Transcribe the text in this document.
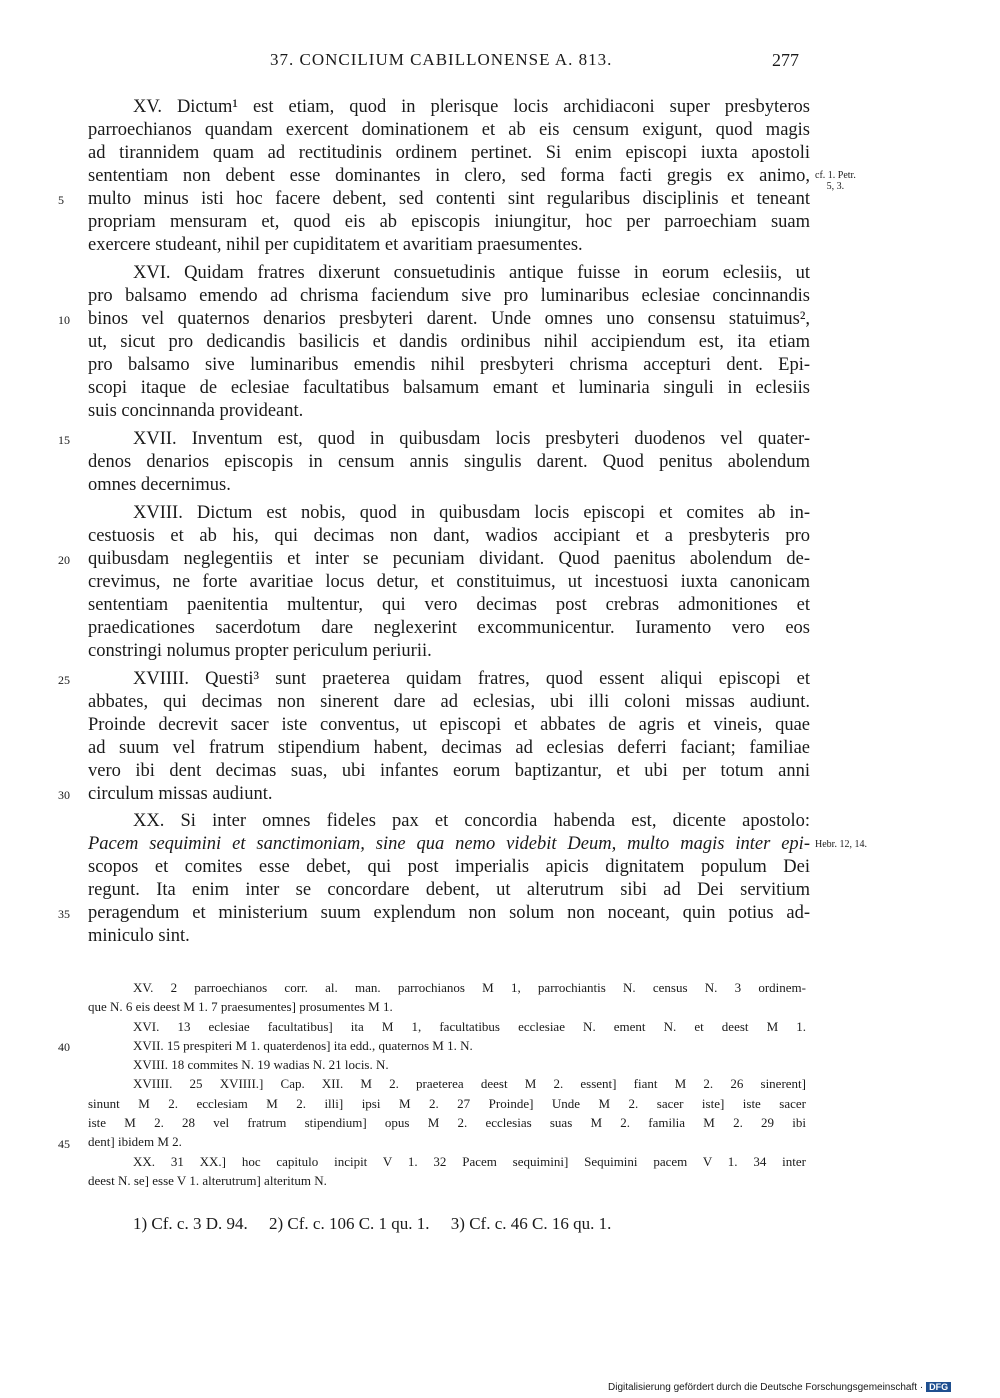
37. CONCILIUM CABILLONENSE A. 813.	277
XV. Dictum¹ est etiam, quod in plerisque locis archidiaconi super presbyteros
parroechianos quandam exercent dominationem et ab eis censum exigunt, quod magis
ad tirannidem quam ad rectitudinis ordinem pertinet. Si enim episcopi iuxta apostoli
sententiam non debent esse dominantes in clero, sed forma facti gregis ex animo,
multo minus isti hoc facere debent, sed contenti sint regularibus disciplinis et teneant
propriam mensuram et, quod eis ab episcopis iniungitur, hoc per parroechiam suam
exercere studeant, nihil per cupiditatem et avaritiam praesumentes.
XVI. Quidam fratres dixerunt consuetudinis antique fuisse in eorum eclesiis, ut
pro balsamo emendo ad chrisma faciendum sive pro luminaribus eclesiae concinnandis
binos vel quaternos denarios presbyteri darent. Unde omnes uno consensu statuimus²,
ut, sicut pro dedicandis basilicis et dandis ordinibus nihil accipiendum est, ita etiam
pro balsamo sive luminaribus emendis nihil presbyteri chrisma accepturi dent. Epi-
scopi itaque de eclesiae facultatibus balsamum emant et luminaria singuli in eclesiis
suis concinnanda provideant.
XVII. Inventum est, quod in quibusdam locis presbyteri duodenos vel quater-
denos denarios episcopis in censum annis singulis darent. Quod penitus abolendum
omnes decernimus.
XVIII. Dictum est nobis, quod in quibusdam locis episcopi et comites ab in-
cestuosis et ab his, qui decimas non dant, wadios accipiant et a presbyteris pro
quibusdam neglegentiis et inter se pecuniam dividant. Quod paenitus abolendum de-
crevimus, ne forte avaritiae locus detur, et constituimus, ut incestuosi iuxta canonicam
sententiam paenitentia multentur, qui vero decimas post crebras admonitiones et
praedicationes sacerdotum dare neglexerint excommunicentur. Iuramento vero eos
constringi nolumus propter periculum periurii.
XVIIII. Questi³ sunt praeterea quidam fratres, quod essent aliqui episcopi et
abbates, qui decimas non sinerent dare ad eclesias, ubi illi coloni missas audiunt.
Proinde decrevit sacer iste conventus, ut episcopi et abbates de agris et vineis, quae
ad suum vel fratrum stipendium habent, decimas ad eclesias deferri faciant; familiae
vero ibi dent decimas suas, ubi infantes eorum baptizantur, et ubi per totum anni
circulum missas audiunt.
XX. Si inter omnes fideles pax et concordia habenda est, dicente apostolo:
Pacem sequimini et sanctimoniam, sine qua nemo videbit Deum, multo magis inter epi-
scopos et comites esse debet, qui post imperialis apicis dignitatem populum Dei
regunt. Ita enim inter se concordare debent, ut alterutrum sibi ad Dei servitium
peragendum et ministerium suum explendum non solum non noceant, quin potius ad-
miniculo sint.
5
10
15
20
25
30
35
cf. 1. Petr.
5, 3.
Hebr. 12, 14.
XV. 2 parroechianos corr. al. man. parrochianos M 1, parrochiantis N. census N. 3 ordinem-
que N. 6 eis deest M 1. 7 praesumentes] prosumentes M 1.
XVI. 13 eclesiae facultatibus] ita M 1, facultatibus ecclesiae N. ement N. et deest M 1.
XVII. 15 prespiteri M 1. quaterdenos] ita edd., quaternos M 1. N.
XVIII. 18 commites N. 19 wadias N. 21 locis. N.
XVIIII. 25 XVIIII.] Cap. XII. M 2. praeterea deest M 2. essent] fiant M 2. 26 sinerent]
sinunt M 2. ecclesiam M 2. illi] ipsi M 2. 27 Proinde] Unde M 2. sacer iste] iste sacer
iste M 2. 28 vel fratrum stipendium] opus M 2. ecclesias suas M 2. familia M 2. 29 ibi
dent] ibidem M 2.
XX. 31 XX.] hoc capitulo incipit V 1. 32 Pacem sequimini] Sequimini pacem V 1. 34 inter
deest N. se] esse V 1. alterutrum] alteritum N.
40
45
1) Cf. c. 3 D. 94.     2) Cf. c. 106 C. 1 qu. 1.     3) Cf. c. 46 C. 16 qu. 1.
Digitalisierung gefördert durch die Deutsche Forschungsgemeinschaft · DFG
